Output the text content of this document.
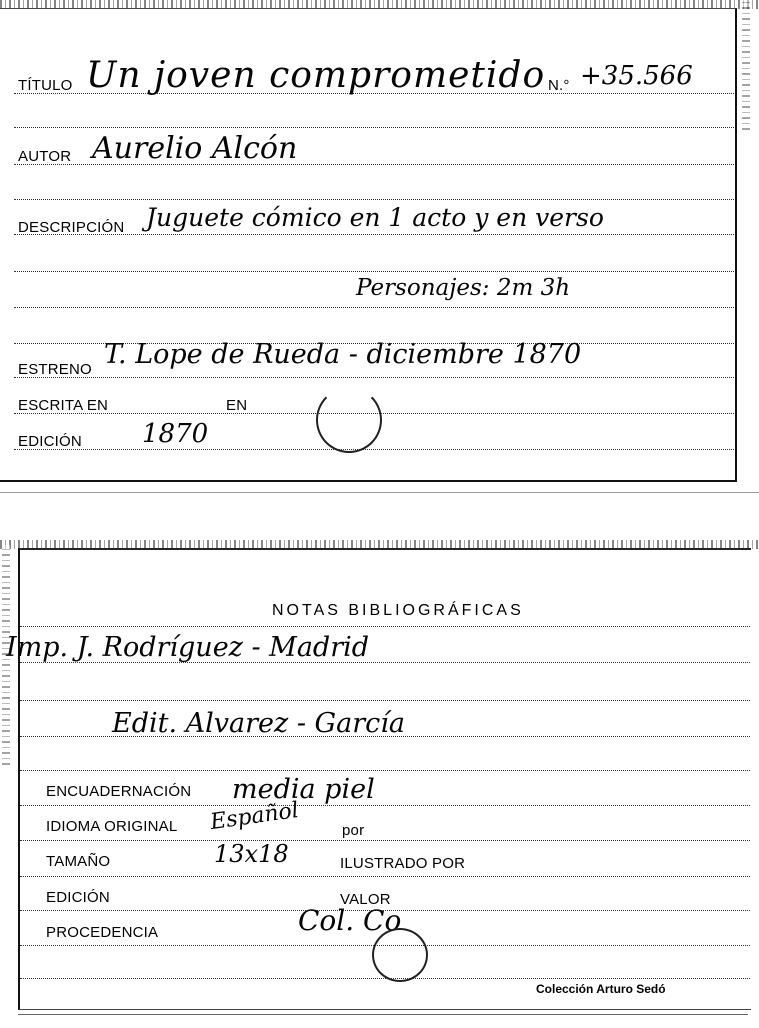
TÍTULO Un joven comprometido N.° +35.566
AUTOR Aurelio Alcón
DESCRIPCIÓN Juguete cómico en 1 acto y en verso
Personajes: 2m 3h
ESTRENO T. Lope de Rueda - diciembre 1870
ESCRITA EN	EN
EDICIÓN 1870
NOTAS BIBLIOGRÁFICAS
Imp. J. Rodríguez - Madrid
Edit. Alvarez - García
ENCUADERNACIÓN media piel
IDIOMA ORIGINAL Español	por
TAMAÑO	13x18	ILUSTRADO POR
EDICIÓN	VALOR
PROCEDENCIA	Col. Co
Colección Arturo Sedó
